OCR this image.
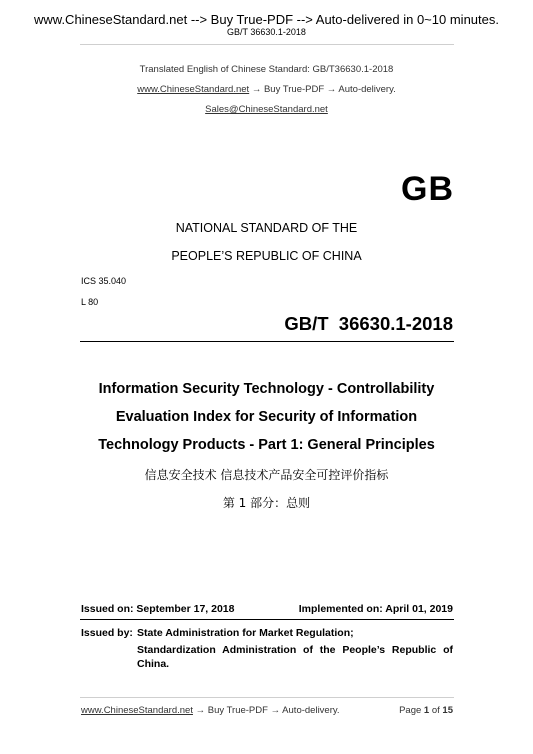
www.ChineseStandard.net --> Buy True-PDF --> Auto-delivered in 0~10 minutes.
GB/T 36630.1-2018
Translated English of Chinese Standard: GB/T36630.1-2018
www.ChineseStandard.net → Buy True-PDF → Auto-delivery.
Sales@ChineseStandard.net
GB
NATIONAL STANDARD OF THE
PEOPLE’S REPUBLIC OF CHINA
ICS 35.040
L 80
GB/T  36630.1-2018
Information Security Technology - Controllability
Evaluation Index for Security of Information
Technology Products - Part 1: General Principles
信息安全技术 信息技术产品安全可控评价指标
第 1 部分：总则
Issued on: September 17, 2018	Implemented on: April 01, 2019
Issued by: State Administration for Market Regulation;
Standardization Administration of the People’s Republic of China.
www.ChineseStandard.net → Buy True-PDF → Auto-delivery.	Page 1 of 15
